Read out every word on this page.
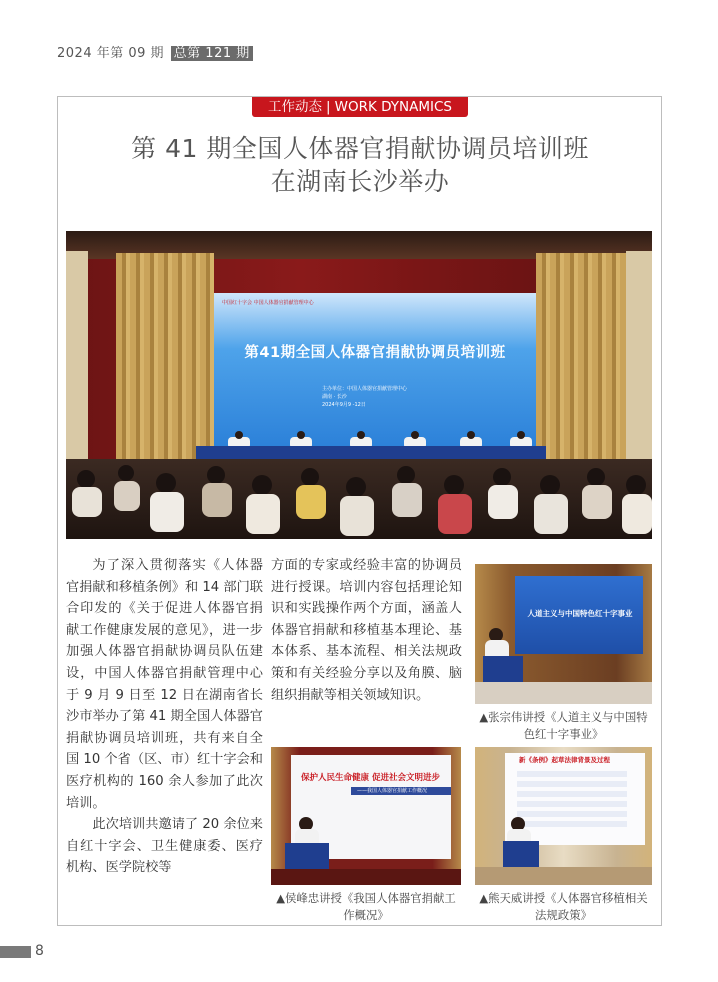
2024 年第 09 期 总第 121 期
工作动态 | WORK DYNAMICS
第 41 期全国人体器官捐献协调员培训班
在湖南长沙举办
中国红十字会 中国人体器官捐献管理中心
第41期全国人体器官捐献协调员培训班
主办单位：中国人体器官捐献管理中心
湖南 · 长沙
2024年9月9 -12日

为了深入贯彻落实《人体器官捐献和移植条例》和 14 部门联合印发的《关于促进人体器官捐献工作健康发展的意见》，进一步加强人体器官捐献协调员队伍建设，中国人体器官捐献管理中心于 9 月 9 日至 12 日在湖南省长沙市举办了第 41 期全国人体器官捐献协调员培训班，共有来自全国 10 个省（区、市）红十字会和医疗机构的 160 余人参加了此次培训。

此次培训共邀请了 20 余位来自红十字会、卫生健康委、医疗机构、医学院校等

方面的专家或经验丰富的协调员进行授课。培训内容包括理论知识和实践操作两个方面，涵盖人体器官捐献和移植基本理论、基本体系、基本流程、相关法规政策和有关经验分享以及角膜、脑组织捐献等相关领域知识。

人道主义与中国特色红十字事业
▲张宗伟讲授《人道主义与中国特色红十字事业》
保护人民生命健康 促进社会文明进步
——我国人体器官捐献工作概况
▲侯峰忠讲授《我国人体器官捐献工作概况》
新《条例》起草法律背景及过程
▲熊天威讲授《人体器官移植相关法规政策》
8
